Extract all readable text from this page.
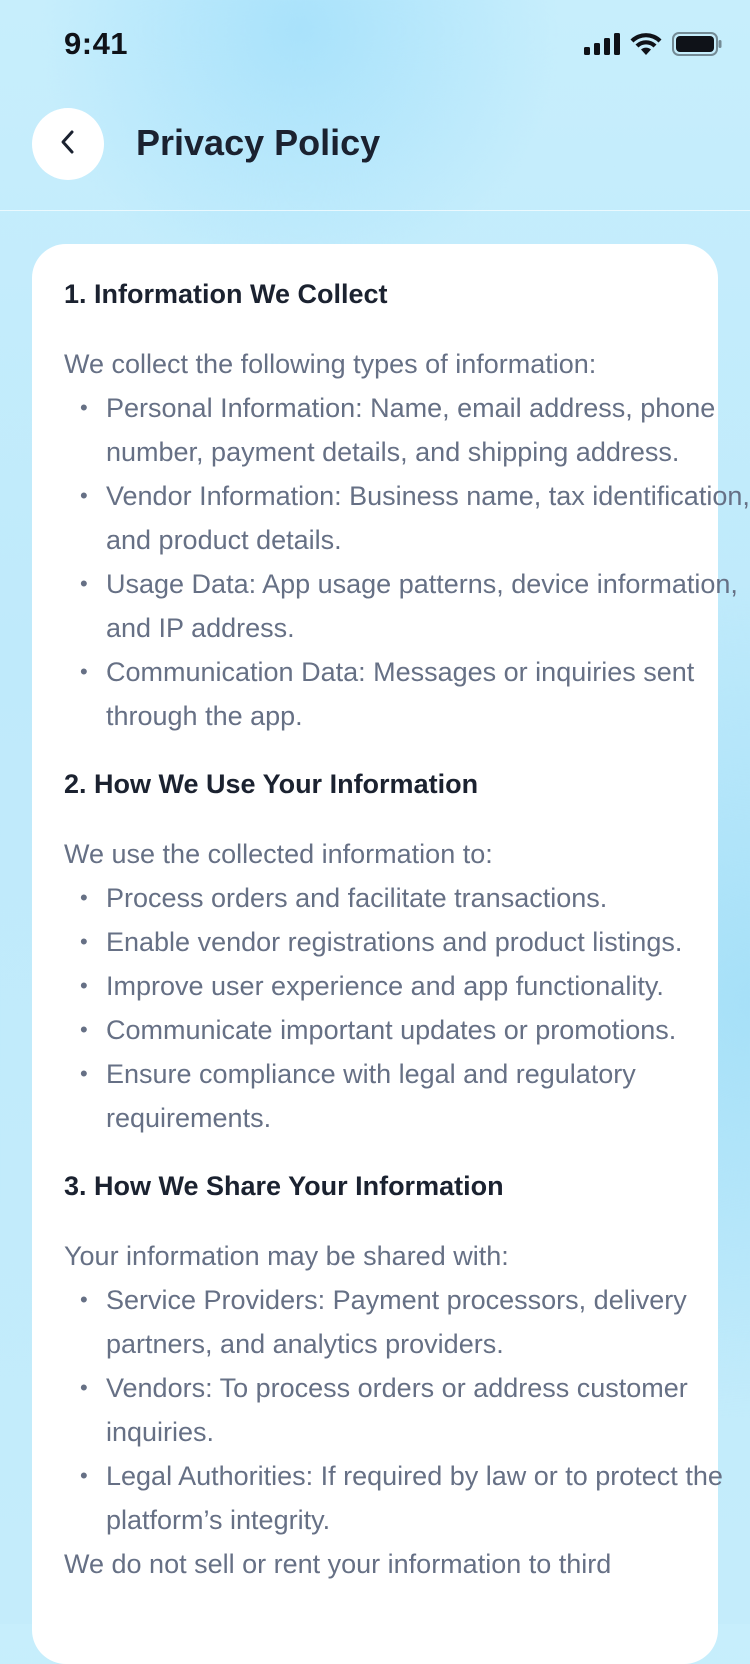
9:41
Privacy Policy
1. Information We Collect

We collect the following types of information:

• Personal Information: Name, email address, phone number, payment details, and shipping address.
• Vendor Information: Business name, tax identification, and product details.
• Usage Data: App usage patterns, device information, and IP address.
• Communication Data: Messages or inquiries sent through the app.
2. How We Use Your Information

We use the collected information to:

• Process orders and facilitate transactions.
• Enable vendor registrations and product listings.
• Improve user experience and app functionality.
• Communicate important updates or promotions.
• Ensure compliance with legal and regulatory requirements.
3. How We Share Your Information

Your information may be shared with:

• Service Providers: Payment processors, delivery partners, and analytics providers.
• Vendors: To process orders or address customer inquiries.
• Legal Authorities: If required by law or to protect the platform’s integrity.

We do not sell or rent your information to third
